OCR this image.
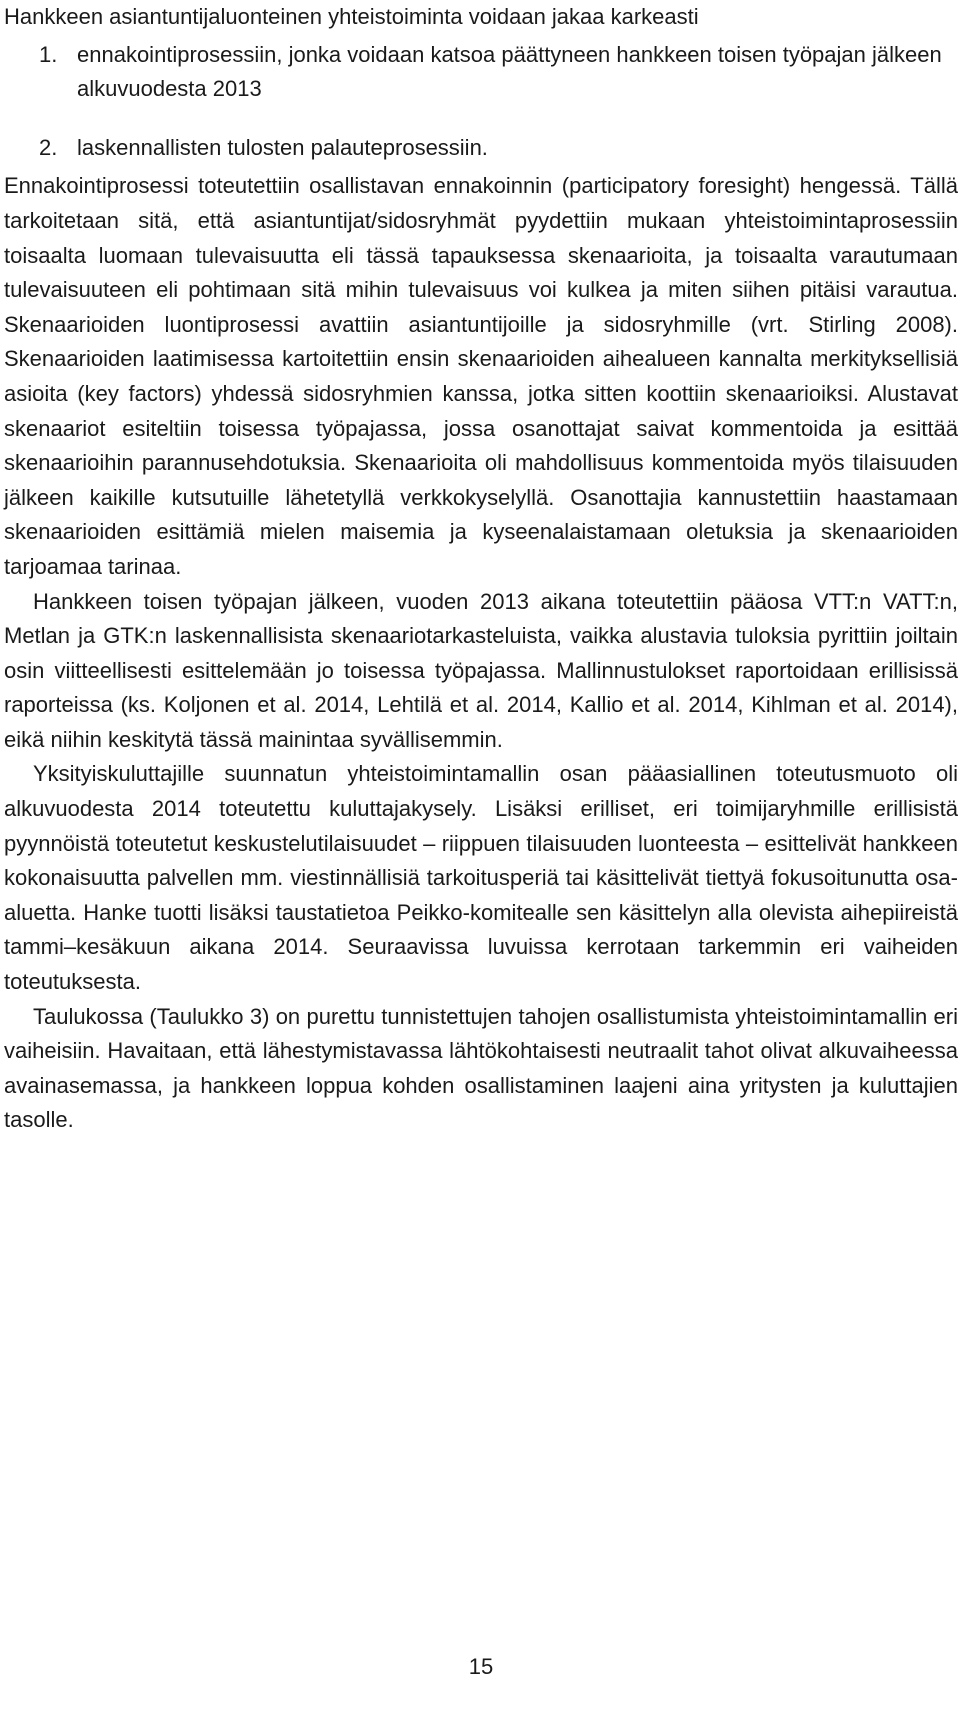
Hankkeen asiantuntijaluonteinen yhteistoiminta voidaan jakaa karkeasti

1. ennakointiprosessiin, jonka voidaan katsoa päättyneen hankkeen toisen työpajan jälkeen alkuvuodesta 2013
2. laskennallisten tulosten palauteprosessiin.

Ennakointiprosessi toteutettiin osallistavan ennakoinnin (participatory foresight) hengessä. Tällä tarkoitetaan sitä, että asiantuntijat/sidosryhmät pyydettiin mukaan yhteistoimintaprosessiin toisaalta luomaan tulevaisuutta eli tässä tapauksessa skenaarioita, ja toisaalta varautumaan tulevaisuuteen eli pohtimaan sitä mihin tulevaisuus voi kulkea ja miten siihen pitäisi varautua. Skenaarioiden luontiprosessi avattiin asiantuntijoille ja sidosryhmille (vrt. Stirling 2008). Skenaarioiden laatimisessa kartoitettiin ensin skenaarioiden aihealueen kannalta merkityksellisiä asioita (key factors) yhdessä sidosryhmien kanssa, jotka sitten koottiin skenaarioiksi. Alustavat skenaariot esiteltiin toisessa työpajassa, jossa osanottajat saivat kommentoida ja esittää skenaarioihin parannusehdotuksia. Skenaarioita oli mahdollisuus kommentoida myös tilaisuuden jälkeen kaikille kutsutuille lähetetyllä verkkokyselyllä. Osanottajia kannustettiin haastamaan skenaarioiden esittämiä mielen maisemia ja kyseenalaistamaan oletuksia ja skenaarioiden tarjoamaa tarinaa.

Hankkeen toisen työpajan jälkeen, vuoden 2013 aikana toteutettiin pääosa VTT:n VATT:n, Metlan ja GTK:n laskennallisista skenaariotarkasteluista, vaikka alustavia tuloksia pyrittiin joiltain osin viitteellisesti esittelemään jo toisessa työpajassa. Mallinnustulokset raportoidaan erillisissä raporteissa (ks. Koljonen et al. 2014, Lehtilä et al. 2014, Kallio et al. 2014, Kihlman et al. 2014), eikä niihin keskitytä tässä mainintaa syvällisemmin.

Yksityiskuluttajille suunnatun yhteistoimintamallin osan pääasiallinen toteutusmuoto oli alkuvuodesta 2014 toteutettu kuluttajakysely. Lisäksi erilliset, eri toimijaryhmille erillisistä pyynnöistä toteutetut keskustelutilaisuudet – riippuen tilaisuuden luonteesta – esittelivät hankkeen kokonaisuutta palvellen mm. viestinnällisiä tarkoitusperiä tai käsittelivät tiettyä fokusoitunutta osa-aluetta. Hanke tuotti lisäksi taustatietoa Peikko-komitealle sen käsittelyn alla olevista aihepiireistä tammi–kesäkuun aikana 2014. Seuraavissa luvuissa kerrotaan tarkemmin eri vaiheiden toteutuksesta.

Taulukossa (Taulukko 3) on purettu tunnistettujen tahojen osallistumista yhteistoimintamallin eri vaiheisiin. Havaitaan, että lähestymistavassa lähtökohtaisesti neutraalit tahot olivat alkuvaiheessa avainasemassa, ja hankkeen loppua kohden osallistaminen laajeni aina yritysten ja kuluttajien tasolle.

15
